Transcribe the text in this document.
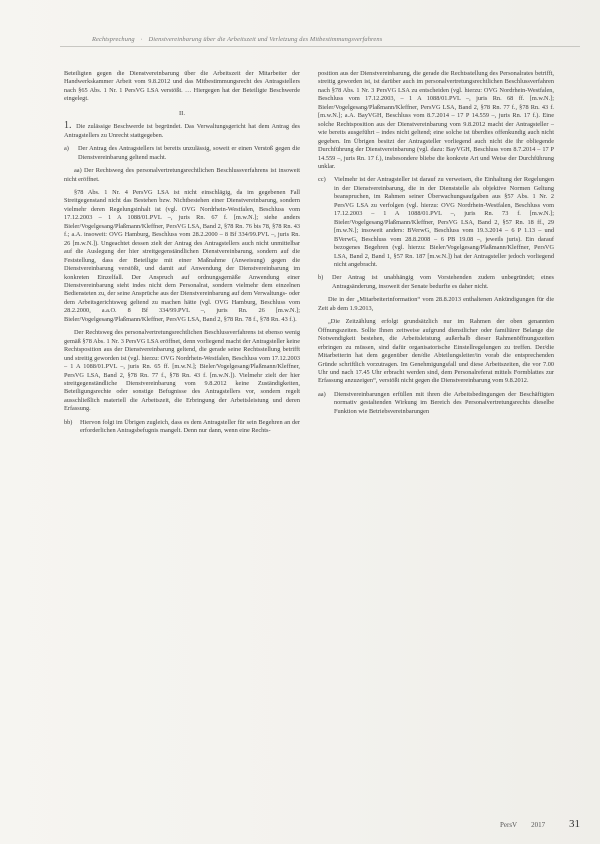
Rechtsprechung · Dienstvereinbarung über die Arbeitszeit und Verletzung des Mitbestimmungsverfahrens

Beteiligten gegen die Dienstvereinbarung über die Arbeitszeit der Mitarbeiter der Handwerkskammer Arbeit vom 9.8.2012 und das Mitbestimmungsrecht des Antragstellers nach §65 Abs. 1 Nr. 1 PersVG LSA verstößt. … Hiergegen hat der Beteiligte Beschwerde eingelegt.

II.

1. Die zulässige Beschwerde ist begründet. Das Verwaltungsgericht hat dem Antrag des Antragstellers zu Unrecht stattgegeben.

a)	Der Antrag des Antragstellers ist bereits unzulässig, soweit er einen Verstoß gegen die Dienstvereinbarung geltend macht.

aa) Der Rechtsweg des personalvertretungsrechtlichen Beschlussverfahrens ist insoweit nicht eröffnet.

§78 Abs. 1 Nr. 4 PersVG LSA ist nicht einschlägig, da im gegebenen Fall Streitgegenstand nicht das Bestehen bzw. Nichtbestehen einer Dienstvereinbarung, sondern vielmehr deren Regelungsinhalt ist (vgl. OVG Nordrhein-Westfalen, Beschluss vom 17.12.2003 – 1 A 1088/01.PVL –, juris Rn. 67 f. [m.w.N.]; siehe anders Bieler/Vogelgesang/Plaßmann/Kleffner, PersVG LSA, Band 2, §78 Rn. 76 bis 78, §78 Rn. 43 f.; a.A. insoweit: OVG Hamburg, Beschluss vom 28.2.2000 – 8 Bf 334/99.PVL –, juris Rn. 26 [m.w.N.]). Ungeachtet dessen zielt der Antrag des Antragstellers auch nicht unmittelbar auf die Auslegung der hier streitgegenständlichen Dienstvereinbarung, sondern auf die Feststellung, dass der Beteiligte mit einer Maßnahme (Anweisung) gegen die Dienstvereinbarung verstößt, und damit auf Anwendung der Dienstvereinbarung im konkreten Einzelfall. Der Anspruch auf ordnungsgemäße Anwendung einer Dienstvereinbarung steht indes nicht dem Personalrat, sondern vielmehr dem einzelnen Bediensteten zu, der seine Ansprüche aus der Dienstvereinbarung auf dem Verwaltungs- oder dem Arbeitsgerichtsweg geltend zu machen hätte (vgl. OVG Hamburg, Beschluss vom 28.2.2000, a.a.O. 8 Bf 334/99.PVL –, juris Rn. 26 [m.w.N.]; Bieler/Vogelgesang/Plaßmann/Kleffner, PersVG LSA, Band 2, §78 Rn. 78 f., §78 Rn. 43 f.).

Der Rechtsweg des personalvertretungsrechtlichen Beschlussverfahrens ist ebenso wenig gemäß §78 Abs. 1 Nr. 3 PersVG LSA eröffnet, denn vorliegend macht der Antragsteller keine Rechtsposition aus der Dienstvereinbarung geltend, die gerade seine Rechtsstellung betrifft und streitig geworden ist (vgl. hierzu: OVG Nordrhein-Westfalen, Beschluss vom 17.12.2003 – 1 A 1088/01.PVL –, juris Rn. 65 ff. [m.w.N.]; Bieler/Vogelgesang/Plaßmann/Kleffner, PersVG LSA, Band 2, §78 Rn. 77 f., §78 Rn. 43 f. [m.w.N.]). Vielmehr zielt der hier streitgegenständliche Dienstvereinbarung vom 9.8.2012 keine Zuständigkeiten, Beteiligungsrechte oder sonstige Befugnisse des Antragstellers vor, sondern regelt ausschließlich materiell die Arbeitszeit, die Erbringung der Arbeitsleistung und deren Erfassung.

bb)	Hiervon folgt im Übrigen zugleich, dass es dem Antragsteller für sein Begehren an der erforderlichen Antragsbefugnis mangelt. Denn nur dann, wenn eine Rechts-

position aus der Dienstvereinbarung, die gerade die Rechtsstellung des Personalrates betrifft, streitig geworden ist, ist darüber auch im personalvertretungsrechtlichen Beschlussverfahren nach §78 Abs. 1 Nr. 3 PersVG LSA zu entscheiden (vgl. hierzu: OVG Nordrhein-Westfalen, Beschluss vom 17.12.2003, – 1 A 1088/01.PVL –, juris Rn. 68 ff. [m.w.N.]; Bieler/Vogelgesang/Plaßmann/Kleffner, PersVG LSA, Band 2, §78 Rn. 77 f., §78 Rn. 43 f. [m.w.N.]; a.A. BayVGH, Beschluss vom 8.7.2014 – 17 P 14.559 –, juris Rn. 17 f.). Eine solche Rechtsposition aus der Dienstvereinbarung vom 9.8.2012 macht der Antragsteller – wie bereits ausgeführt – indes nicht geltend; eine solche ist überdies offenkundig auch nicht gegeben. Im Übrigen besitzt der Antragsteller vorliegend auch nicht die ihr obliegende Durchführung der Dienstvereinbarung (vgl. dazu: BayVGH, Beschluss vom 8.7.2014 – 17 P 14.559 –, juris Rn. 17 f.), insbesondere bliebe die konkrete Art und Weise der Durchführung unklar.

cc)	Vielmehr ist der Antragsteller ist darauf zu verweisen, die Einhaltung der Regelungen in der Dienstvereinbarung, die in der Dienststelle als objektive Normen Geltung beanspruchen, im Rahmen seiner Überwachungsaufgaben aus §57 Abs. 1 Nr. 2 PersVG LSA zu verfolgen (vgl. hierzu: OVG Nordrhein-Westfalen, Beschluss vom 17.12.2003 – 1 A 1088/01.PVL –, juris Rn. 73 f. [m.w.N.]; Bieler/Vogelgesang/Plaßmann/Kleffner, PersVG LSA, Band 2, §57 Rn. 18 ff., 29 [m.w.N.]; insoweit anders: BVerwG, Beschluss vom 19.3.2014 – 6 P 1.13 – und BVerwG, Beschluss vom 28.8.2008 – 6 PB 19.08 –, jeweils juris). Ein darauf bezogenes Begehren (vgl. hierzu: Bieler/Vogelgesang/Plaßmann/Kleffner, PersVG LSA, Band 2, Band 1, §57 Rn. 187 [m.w.N.]) hat der Antragsteller jedoch vorliegend nicht angebracht.
b)	Der Antrag ist unabhängig vom Vorstehenden zudem unbegründet; eines Antragsänderung, insoweit der Senate bedurfte es daher nicht.

Die in der „Mitarbeiterinformation“ vom 28.8.2013 enthaltenen Ankündigungen für die Zeit ab dem 1.9.2013,

„Die Zeitzählung erfolgt grundsätzlich nur im Rahmen der oben genannten Öffnungszeiten. Sollte Ihnen zeitweise aufgrund dienstlicher oder familiärer Belange die Notwendigkeit bestehen, die Arbeitsleistung außerhalb dieser Rahmenöffnungszeiten erbringen zu müssen, sind dafür organisatorische Einstellregelungen zu treffen. Der/die Mitarbeiterin hat dem gegenüber den/die Abteilungsleiter/in vorab die entsprechenden Gründe schriftlich vorzutragen. Im Genehmigungsfall und diese Arbeitszeiten, die vor 7.00 Uhr und nach 17.45 Uhr erbracht werden sind, dem Personalreferat mittels Formblattes zur Erfassung anzuzeigen“, verstößt nicht gegen die Dienstvereinbarung vom 9.8.2012.

aa)	Dienstvereinbarungen erfüllen mit ihren die Arbeitsbedingungen der Beschäftigten normativ gestaltenden Wirkung im Bereich des Personalvertretungsrechts dieselbe Funktion wie Betriebsvereinbarungen
PersV 2017 31
